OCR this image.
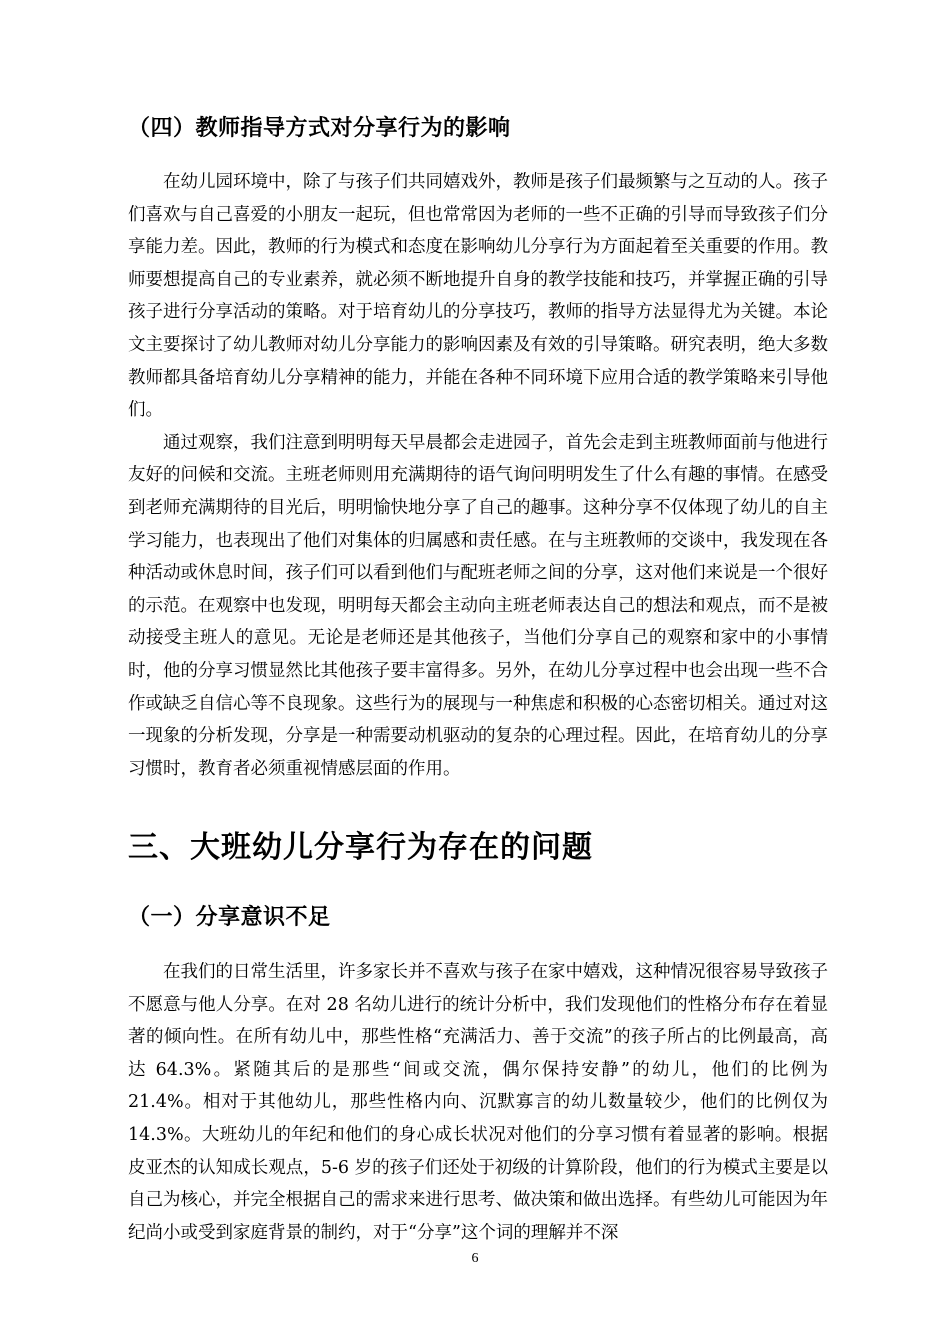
（四）教师指导方式对分享行为的影响

在幼儿园环境中，除了与孩子们共同嬉戏外，教师是孩子们最频繁与之互动的人。孩子们喜欢与自己喜爱的小朋友一起玩，但也常常因为老师的一些不正确的引导而导致孩子们分享能力差。因此，教师的行为模式和态度在影响幼儿分享行为方面起着至关重要的作用。教师要想提高自己的专业素养，就必须不断地提升自身的教学技能和技巧，并掌握正确的引导孩子进行分享活动的策略。对于培育幼儿的分享技巧，教师的指导方法显得尤为关键。本论文主要探讨了幼儿教师对幼儿分享能力的影响因素及有效的引导策略。研究表明，绝大多数教师都具备培育幼儿分享精神的能力，并能在各种不同环境下应用合适的教学策略来引导他们。

通过观察，我们注意到明明每天早晨都会走进园子，首先会走到主班教师面前与他进行友好的问候和交流。主班老师则用充满期待的语气询问明明发生了什么有趣的事情。在感受到老师充满期待的目光后，明明愉快地分享了自己的趣事。这种分享不仅体现了幼儿的自主学习能力，也表现出了他们对集体的归属感和责任感。在与主班教师的交谈中，我发现在各种活动或休息时间，孩子们可以看到他们与配班老师之间的分享，这对他们来说是一个很好的示范。在观察中也发现，明明每天都会主动向主班老师表达自己的想法和观点，而不是被动接受主班人的意见。无论是老师还是其他孩子，当他们分享自己的观察和家中的小事情时，他的分享习惯显然比其他孩子要丰富得多。另外，在幼儿分享过程中也会出现一些不合作或缺乏自信心等不良现象。这些行为的展现与一种焦虑和积极的心态密切相关。通过对这一现象的分析发现，分享是一种需要动机驱动的复杂的心理过程。因此，在培育幼儿的分享习惯时，教育者必须重视情感层面的作用。

三、大班幼儿分享行为存在的问题
（一）分享意识不足

在我们的日常生活里，许多家长并不喜欢与孩子在家中嬉戏，这种情况很容易导致孩子不愿意与他人分享。在对 28 名幼儿进行的统计分析中，我们发现他们的性格分布存在着显著的倾向性。在所有幼儿中，那些性格“充满活力、善于交流”的孩子所占的比例最高，高达 64.3%。紧随其后的是那些“间或交流，偶尔保持安静”的幼儿，他们的比例为 21.4%。相对于其他幼儿，那些性格内向、沉默寡言的幼儿数量较少，他们的比例仅为 14.3%。大班幼儿的年纪和他们的身心成长状况对他们的分享习惯有着显著的影响。根据皮亚杰的认知成长观点，5-6 岁的孩子们还处于初级的计算阶段，他们的行为模式主要是以自己为核心，并完全根据自己的需求来进行思考、做决策和做出选择。有些幼儿可能因为年纪尚小或受到家庭背景的制约，对于“分享”这个词的理解并不深

6
